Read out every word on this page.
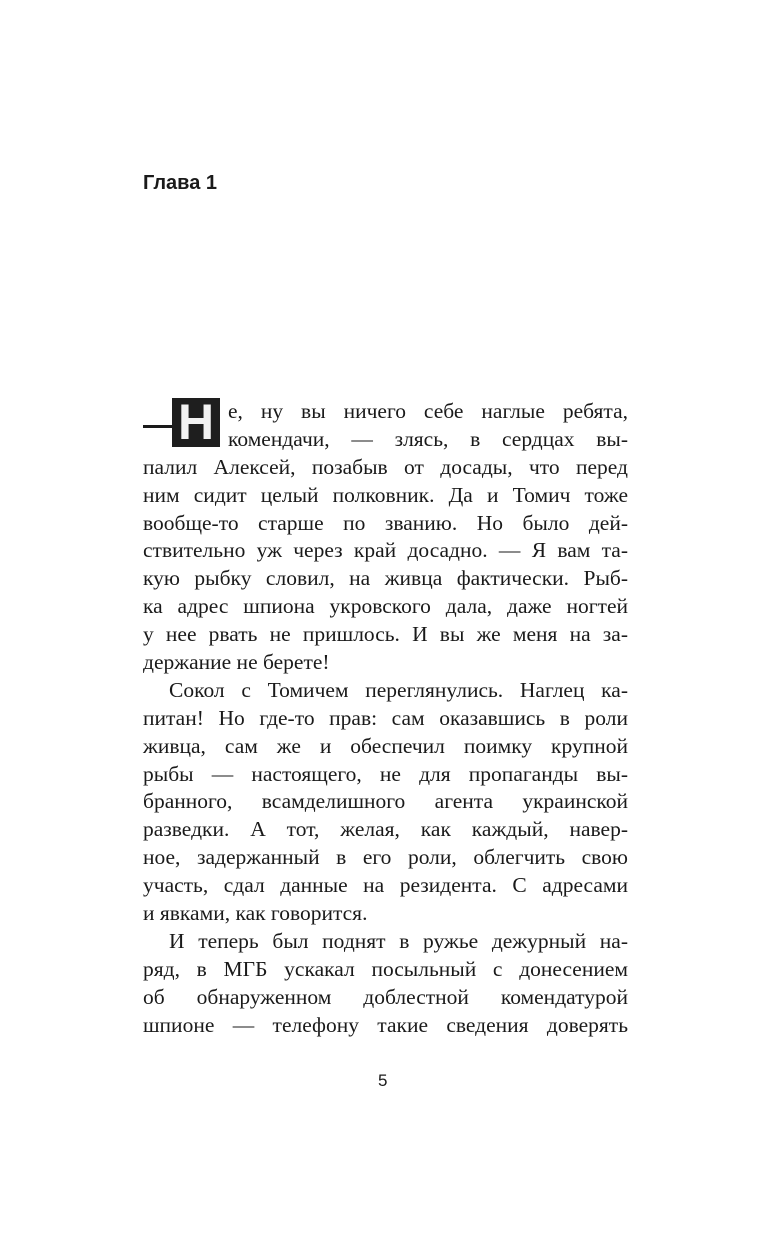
Глава 1
Н е, ну вы ничего себе наглые ребята,
комендачи, — злясь, в сердцах вы-
палил Алексей, позабыв от досады, что перед
ним сидит целый полковник. Да и Томич тоже
вообще-то старше по званию. Но было дей-
ствительно уж через край досадно. — Я вам та-
кую рыбку словил, на живца фактически. Рыб-
ка адрес шпиона укровского дала, даже ногтей
у нее рвать не пришлось. И вы же меня на за-
держание не берете!
Сокол с Томичем переглянулись. Наглец ка-
питан! Но где-то прав: сам оказавшись в роли
живца, сам же и обеспечил поимку крупной
рыбы — настоящего, не для пропаганды вы-
бранного, всамделишного агента украинской
разведки. А тот, желая, как каждый, навер-
ное, задержанный в его роли, облегчить свою
участь, сдал данные на резидента. С адресами
и явками, как говорится.
И теперь был поднят в ружье дежурный на-
ряд, в МГБ ускакал посыльный с донесением
об обнаруженном доблестной комендатурой
шпионе — телефону такие сведения доверять
5
